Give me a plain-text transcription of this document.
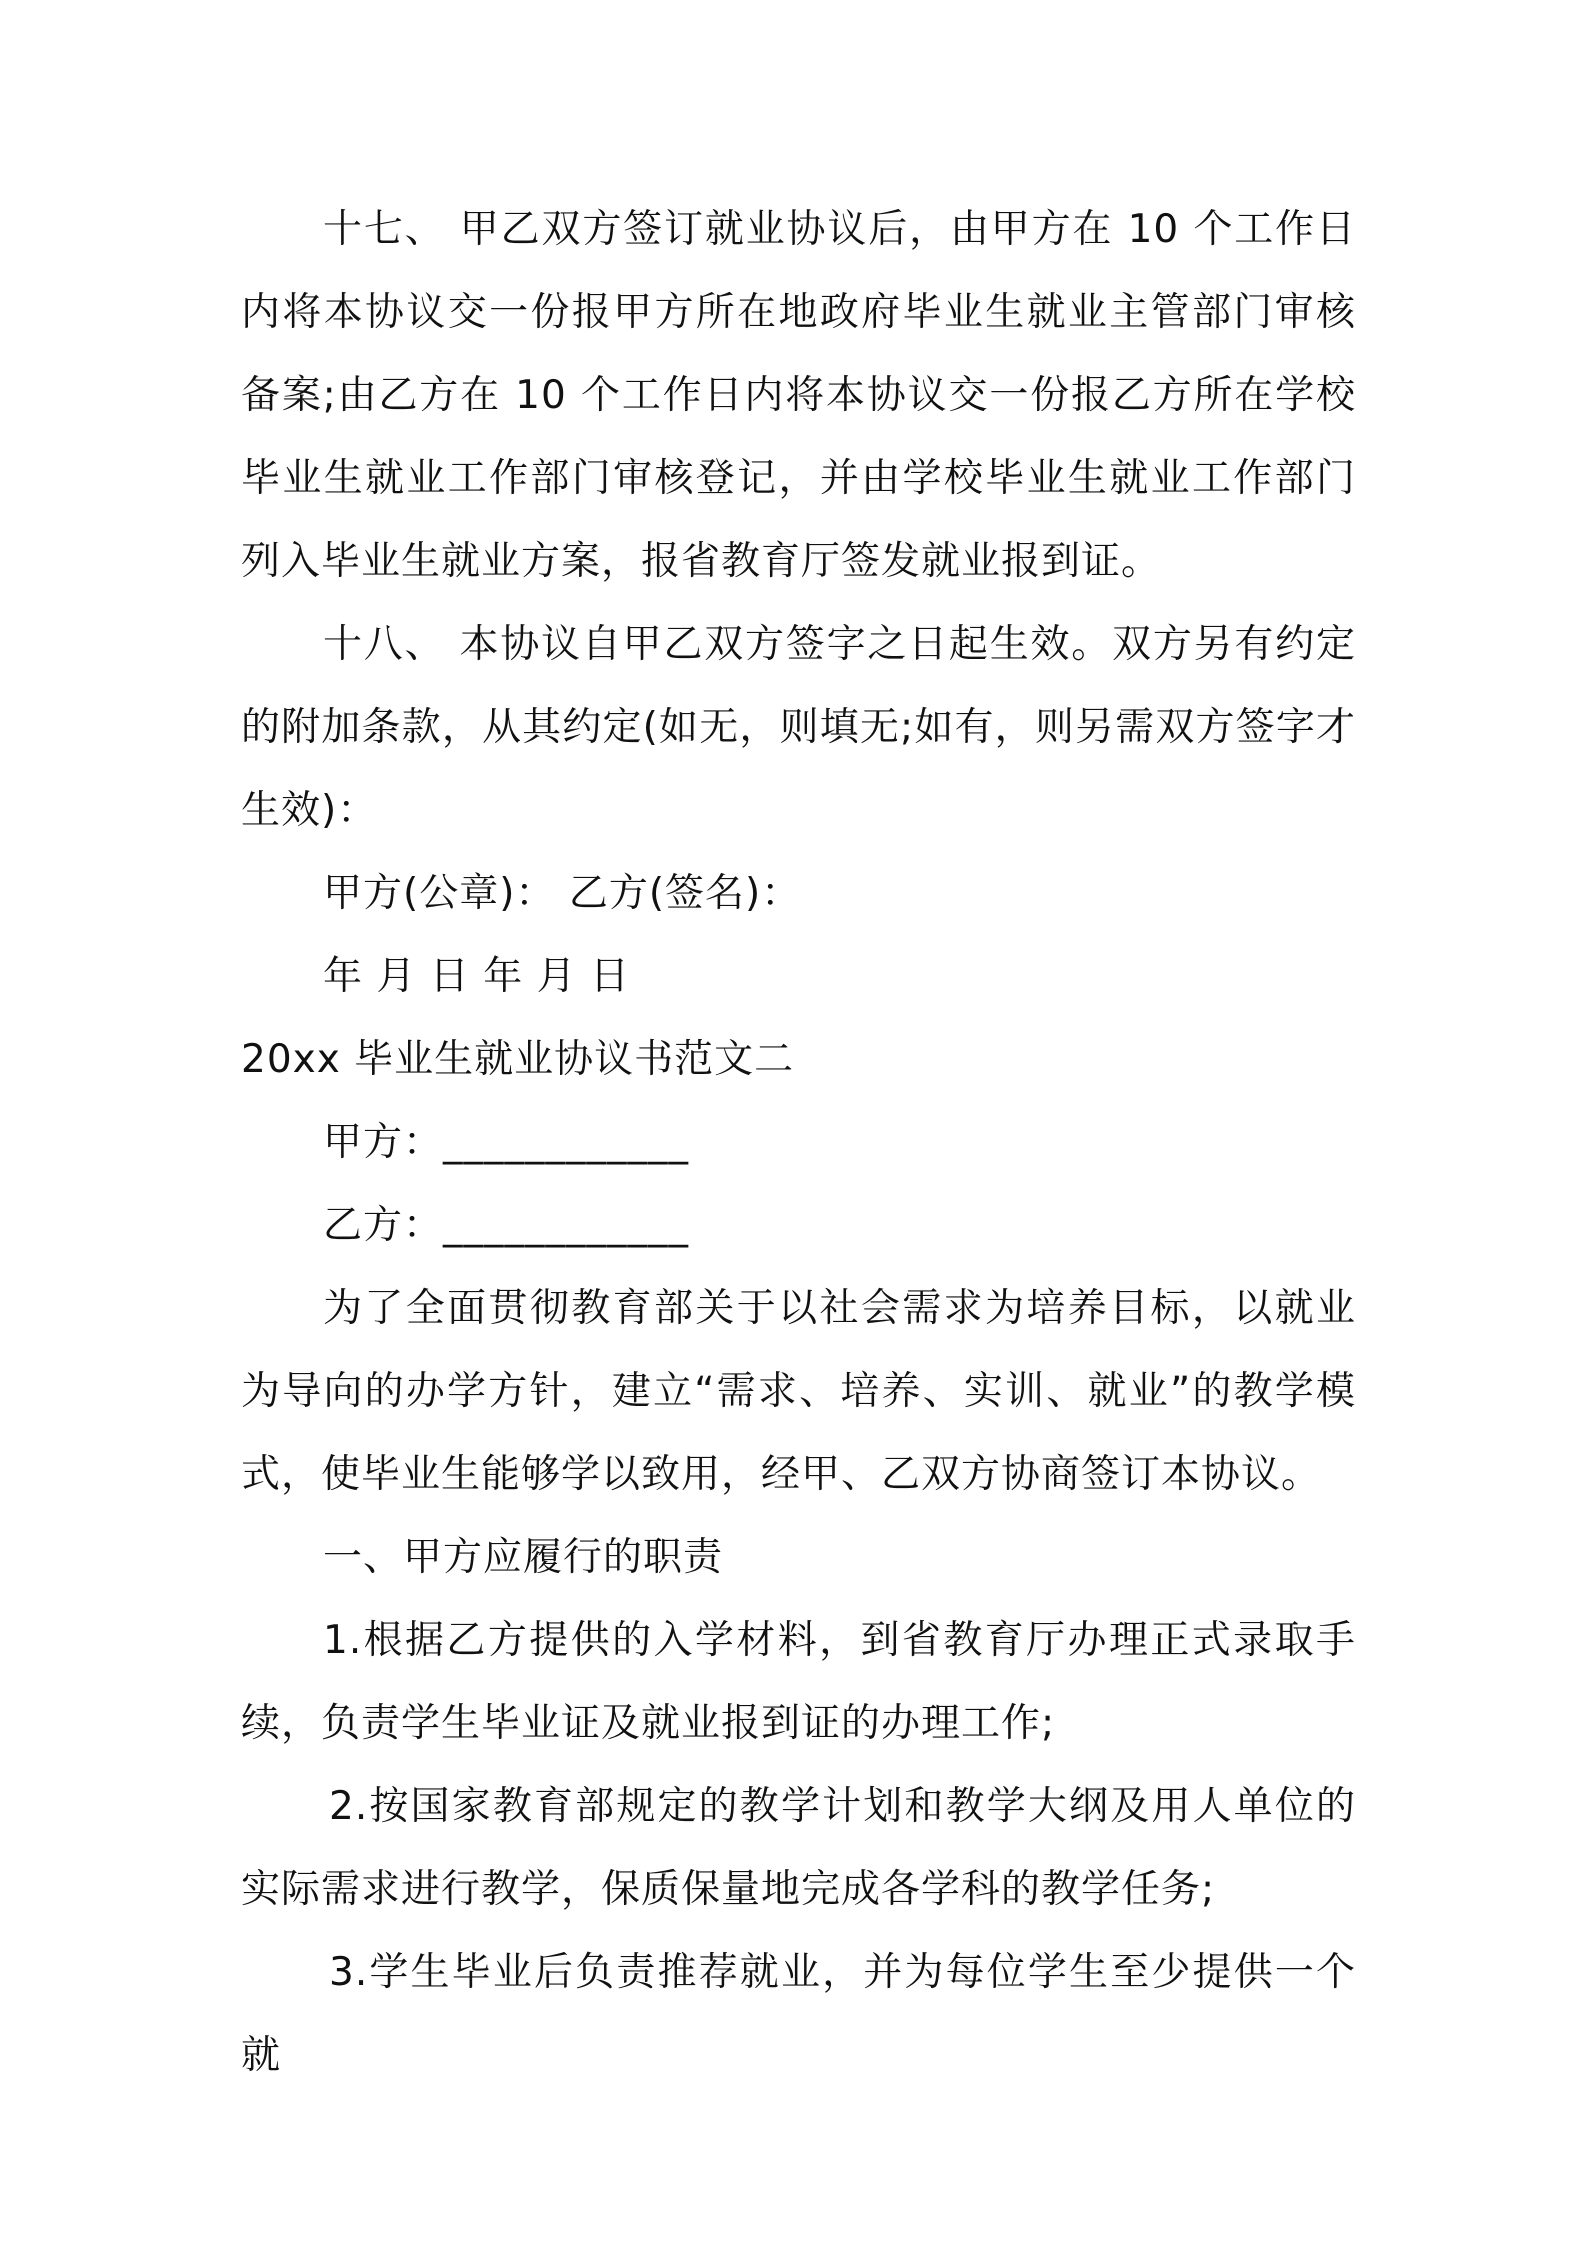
十七、 甲乙双方签订就业协议后，由甲方在 10 个工作日内将本协议交一份报甲方所在地政府毕业生就业主管部门审核备案;由乙方在 10 个工作日内将本协议交一份报乙方所在学校毕业生就业工作部门审核登记，并由学校毕业生就业工作部门列入毕业生就业方案，报省教育厅签发就业报到证。

十八、 本协议自甲乙双方签字之日起生效。双方另有约定的附加条款，从其约定(如无，则填无;如有，则另需双方签字才生效)：

甲方(公章)： 乙方(签名)：

年 月 日 年 月 日

20xx 毕业生就业协议书范文二

甲方：____________

乙方：____________

为了全面贯彻教育部关于以社会需求为培养目标，以就业为导向的办学方针，建立“需求、培养、实训、就业”的教学模式，使毕业生能够学以致用，经甲、乙双方协商签订本协议。

一、甲方应履行的职责

1.根据乙方提供的入学材料，到省教育厅办理正式录取手续，负责学生毕业证及就业报到证的办理工作;

2.按国家教育部规定的教学计划和教学大纲及用人单位的实际需求进行教学，保质保量地完成各学科的教学任务;

3.学生毕业后负责推荐就业，并为每位学生至少提供一个就
